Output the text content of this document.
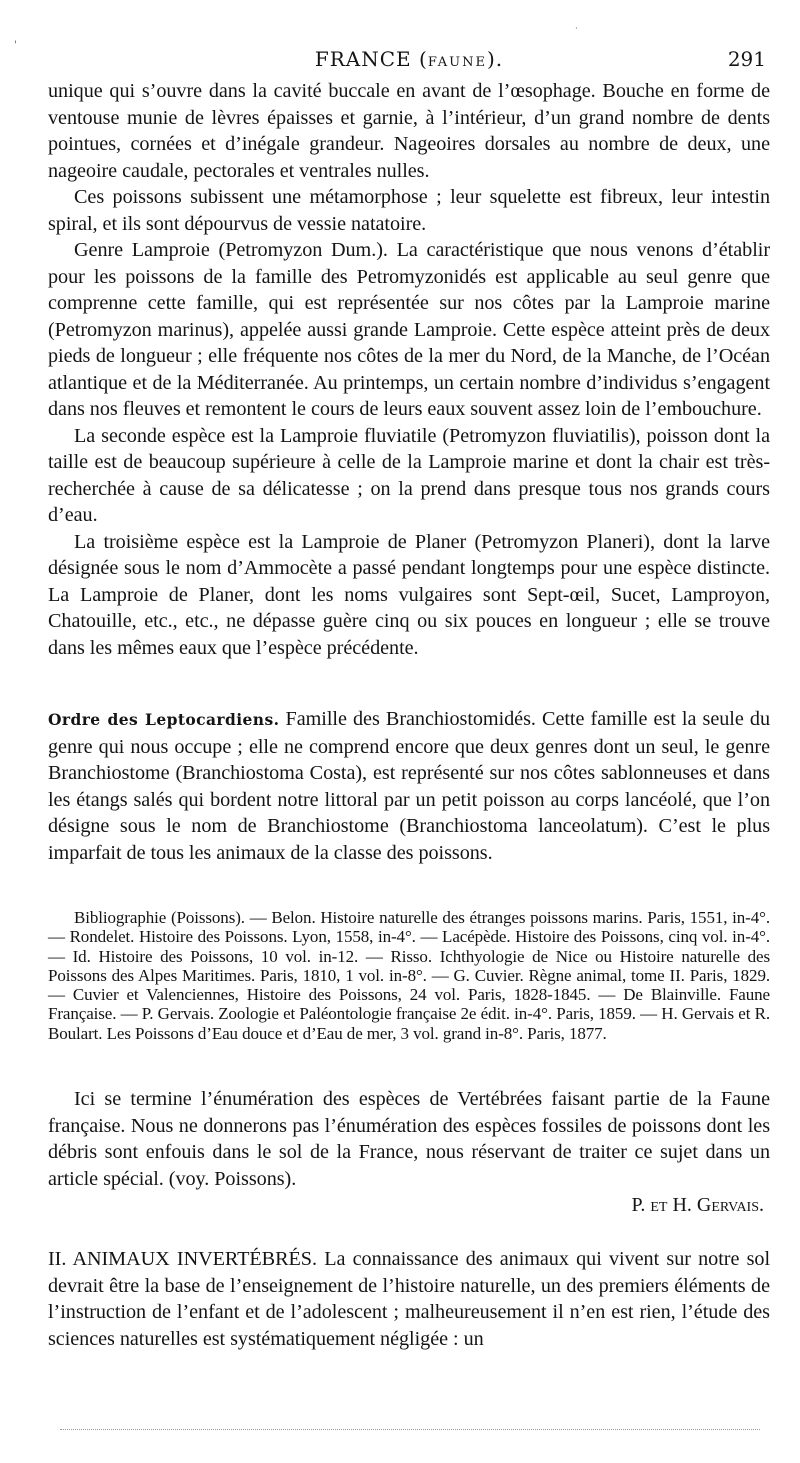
'
·
FRANCE (FAUNE).	291

unique qui s’ouvre dans la cavité buccale en avant de l’œsophage. Bouche en forme de ventouse munie de lèvres épaisses et garnie, à l’intérieur, d’un grand nombre de dents pointues, cornées et d’inégale grandeur. Nageoires dorsales au nombre de deux, une nageoire caudale, pectorales et ventrales nulles.

Ces poissons subissent une métamorphose ; leur squelette est fibreux, leur intestin spiral, et ils sont dépourvus de vessie natatoire.

Genre Lamproie (Petromyzon Dum.). La caractéristique que nous venons d’établir pour les poissons de la famille des Petromyzonidés est applicable au seul genre que comprenne cette famille, qui est représentée sur nos côtes par la Lamproie marine (Petromyzon marinus), appelée aussi grande Lamproie. Cette espèce atteint près de deux pieds de longueur ; elle fréquente nos côtes de la mer du Nord, de la Manche, de l’Océan atlantique et de la Méditerranée. Au printemps, un certain nombre d’individus s’engagent dans nos fleuves et remontent le cours de leurs eaux souvent assez loin de l’embouchure.

La seconde espèce est la Lamproie fluviatile (Petromyzon fluviatilis), poisson dont la taille est de beaucoup supérieure à celle de la Lamproie marine et dont la chair est très-recherchée à cause de sa délicatesse ; on la prend dans presque tous nos grands cours d’eau.

La troisième espèce est la Lamproie de Planer (Petromyzon Planeri), dont la larve désignée sous le nom d’Ammocète a passé pendant longtemps pour une espèce distincte. La Lamproie de Planer, dont les noms vulgaires sont Sept-œil, Sucet, Lamproyon, Chatouille, etc., etc., ne dépasse guère cinq ou six pouces en longueur ; elle se trouve dans les mêmes eaux que l’espèce précédente.

Ordre des Leptocardiens. Famille des Branchiostomidés. Cette famille est la seule du genre qui nous occupe ; elle ne comprend encore que deux genres dont un seul, le genre Branchiostome (Branchiostoma Costa), est représenté sur nos côtes sablonneuses et dans les étangs salés qui bordent notre littoral par un petit poisson au corps lancéolé, que l’on désigne sous le nom de Branchiostome (Branchiostoma lanceolatum). C’est le plus imparfait de tous les animaux de la classe des poissons.

Bibliographie (Poissons). — Belon. Histoire naturelle des étranges poissons marins. Paris, 1551, in-4°. — Rondelet. Histoire des Poissons. Lyon, 1558, in-4°. — Lacépède. Histoire des Poissons, cinq vol. in-4°. — Id. Histoire des Poissons, 10 vol. in-12. — Risso. Ichthyologie de Nice ou Histoire naturelle des Poissons des Alpes Maritimes. Paris, 1810, 1 vol. in-8°. — G. Cuvier. Règne animal, tome II. Paris, 1829. — Cuvier et Valenciennes, Histoire des Poissons, 24 vol. Paris, 1828-1845. — De Blainville. Faune Française. — P. Gervais. Zoologie et Paléontologie française 2e édit. in-4°. Paris, 1859. — H. Gervais et R. Boulart. Les Poissons d’Eau douce et d’Eau de mer, 3 vol. grand in-8°. Paris, 1877.

Ici se termine l’énumération des espèces de Vertébrées faisant partie de la Faune française. Nous ne donnerons pas l’énumération des espèces fossiles de poissons dont les débris sont enfouis dans le sol de la France, nous réservant de traiter ce sujet dans un article spécial. (voy. Poissons).

P. et H. Gervais.

II. ANIMAUX INVERTÉBRÉS. La connaissance des animaux qui vivent sur notre sol devrait être la base de l’enseignement de l’histoire naturelle, un des premiers éléments de l’instruction de l’enfant et de l’adolescent ; malheureusement il n’en est rien, l’étude des sciences naturelles est systématiquement négligée : un
